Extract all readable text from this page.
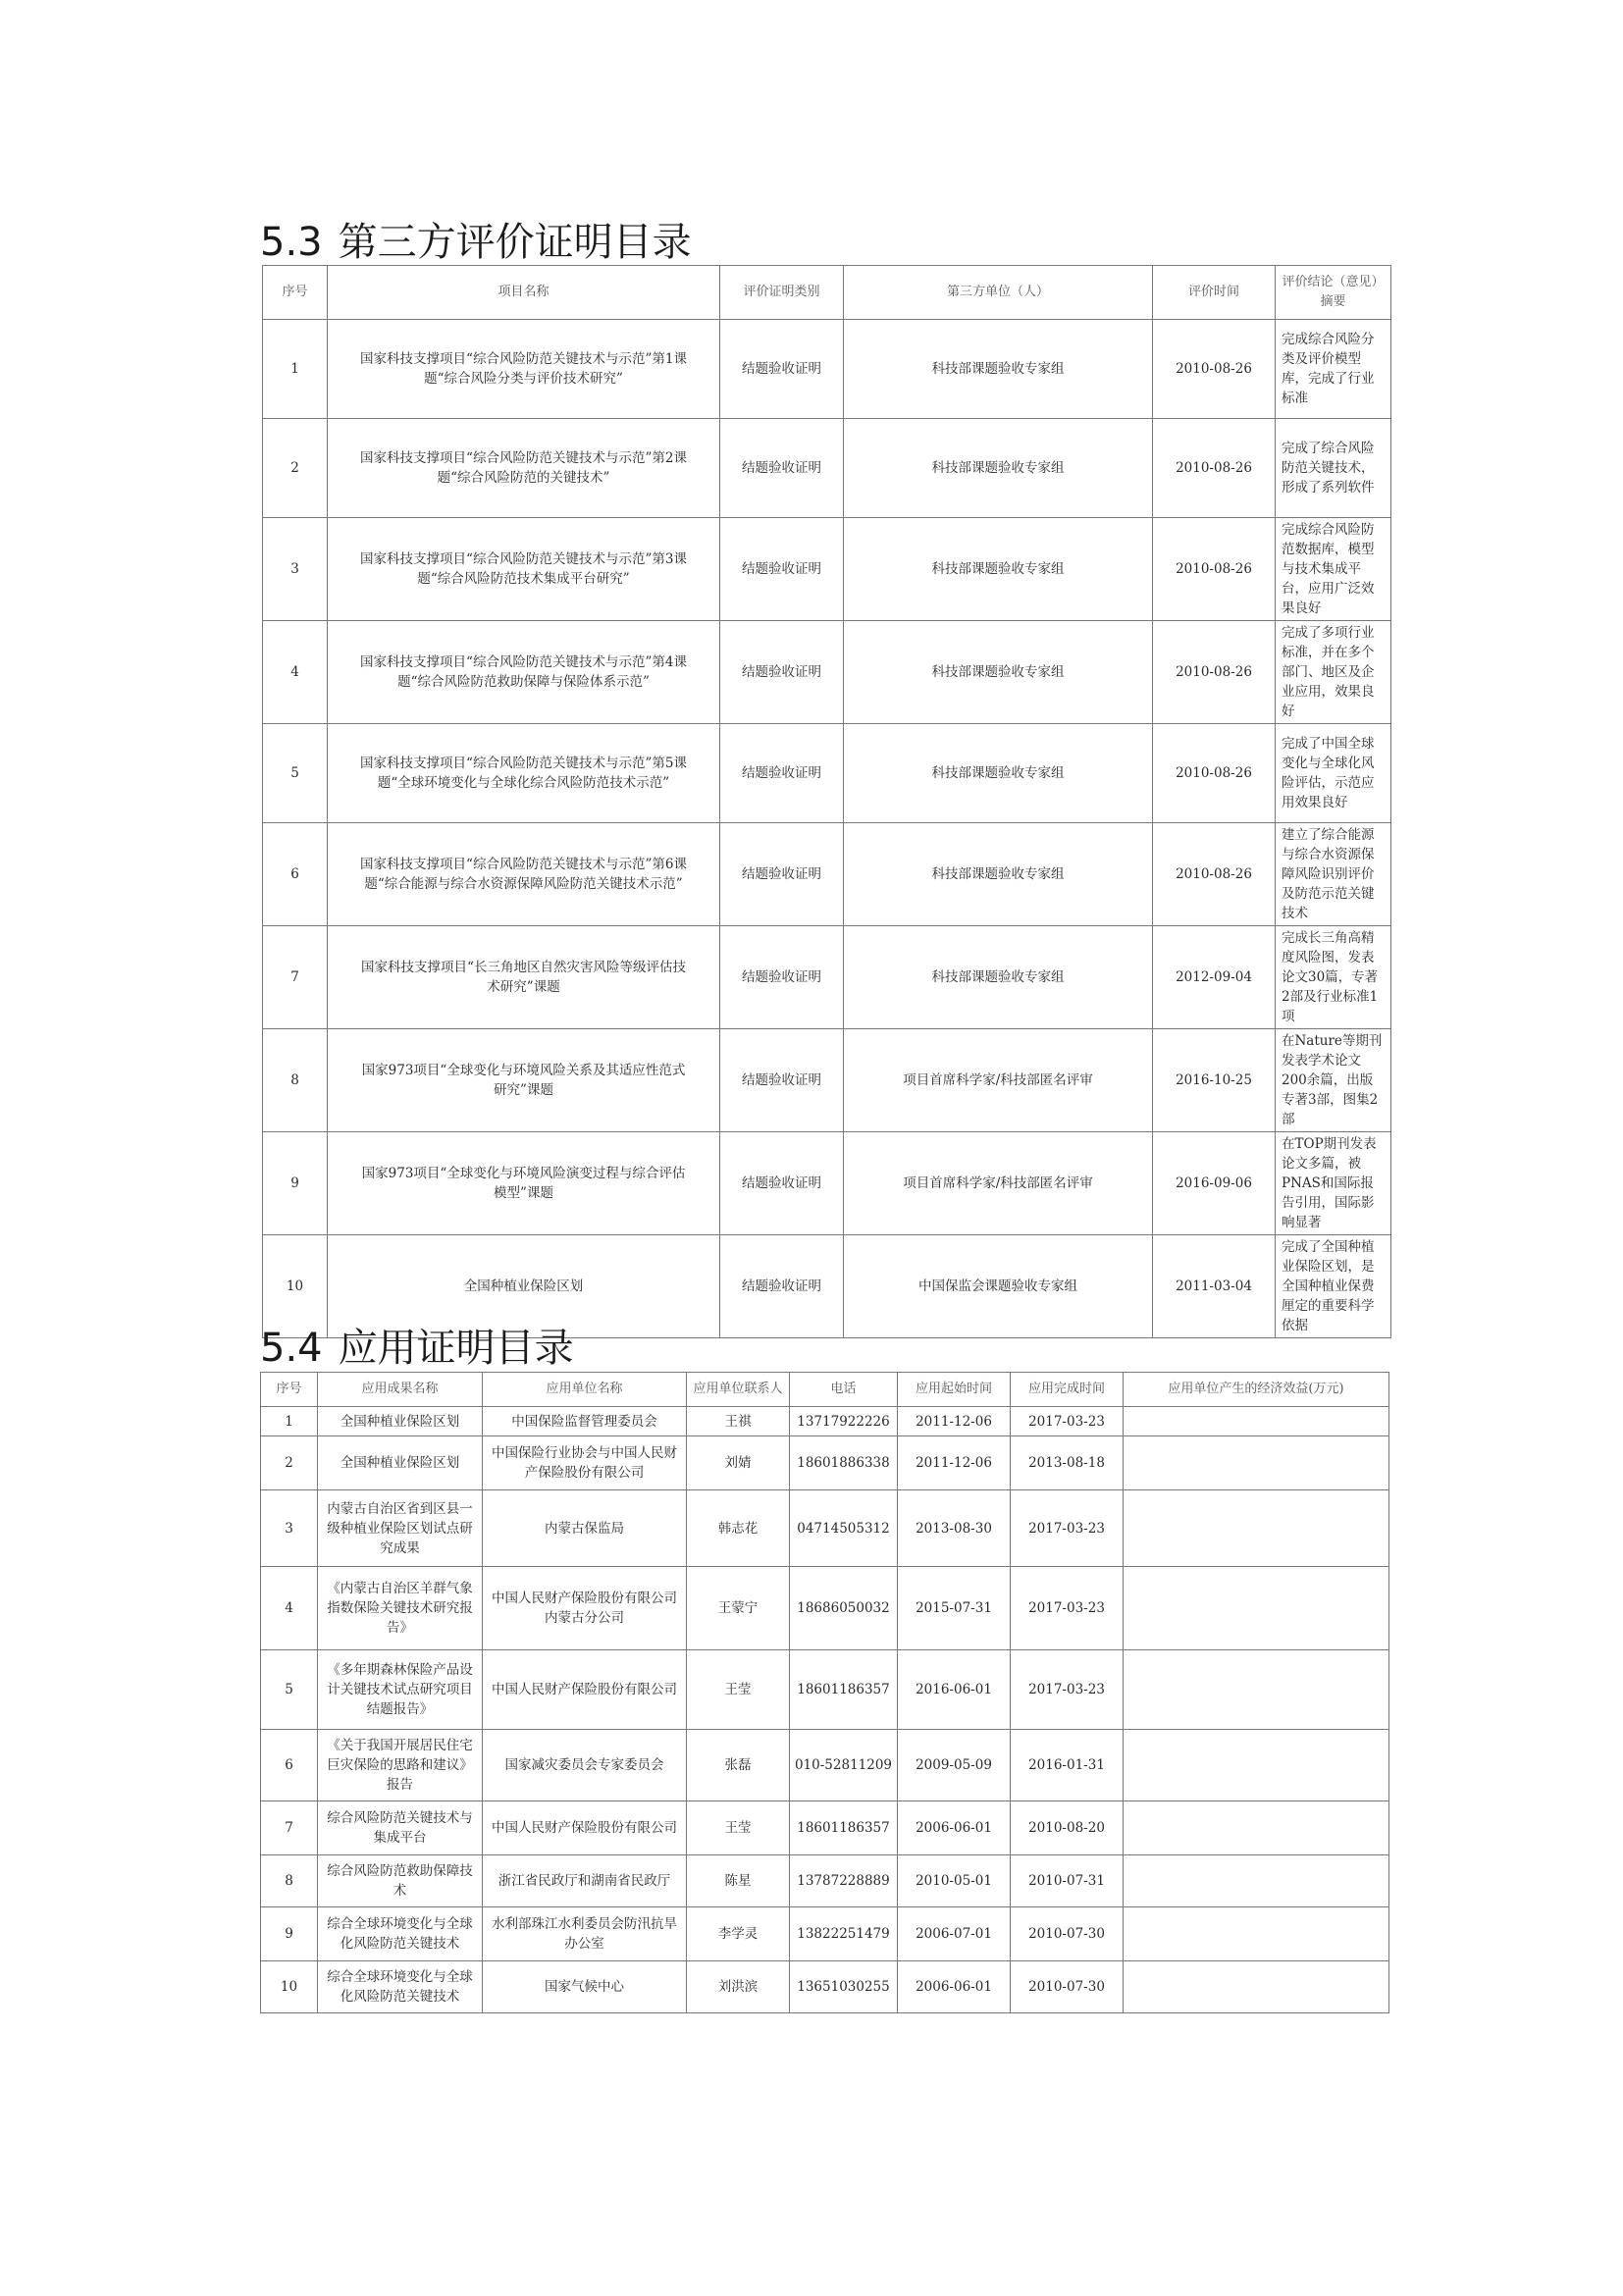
5.3 第三方评价证明目录
序号	项目名称	评价证明类别	第三方单位（人）	评价时间	评价结论（意见）摘要
1	国家科技支撑项目“综合风险防范关键技术与示范”第1课题“综合风险分类与评价技术研究”	结题验收证明	科技部课题验收专家组	2010-08-26	完成综合风险分类及评价模型库，完成了行业标准
2	国家科技支撑项目“综合风险防范关键技术与示范”第2课题“综合风险防范的关键技术”	结题验收证明	科技部课题验收专家组	2010-08-26	完成了综合风险防范关键技术，形成了系列软件
3	国家科技支撑项目“综合风险防范关键技术与示范”第3课题“综合风险防范技术集成平台研究”	结题验收证明	科技部课题验收专家组	2010-08-26	完成综合风险防范数据库，模型与技术集成平台，应用广泛效果良好
4	国家科技支撑项目“综合风险防范关键技术与示范”第4课题“综合风险防范救助保障与保险体系示范”	结题验收证明	科技部课题验收专家组	2010-08-26	完成了多项行业标准，并在多个部门、地区及企业应用，效果良好
5	国家科技支撑项目“综合风险防范关键技术与示范”第5课题“全球环境变化与全球化综合风险防范技术示范”	结题验收证明	科技部课题验收专家组	2010-08-26	完成了中国全球变化与全球化风险评估，示范应用效果良好
6	国家科技支撑项目“综合风险防范关键技术与示范”第6课题“综合能源与综合水资源保障风险防范关键技术示范”	结题验收证明	科技部课题验收专家组	2010-08-26	建立了综合能源与综合水资源保障风险识别评价及防范示范关键技术
7	国家科技支撑项目“长三角地区自然灾害风险等级评估技术研究”课题	结题验收证明	科技部课题验收专家组	2012-09-04	完成长三角高精度风险图，发表论文30篇，专著2部及行业标准1项
8	国家973项目“全球变化与环境风险关系及其适应性范式研究”课题	结题验收证明	项目首席科学家/科技部匿名评审	2016-10-25	在Nature等期刊发表学术论文200余篇，出版专著3部，图集2部
9	国家973项目“全球变化与环境风险演变过程与综合评估模型”课题	结题验收证明	项目首席科学家/科技部匿名评审	2016-09-06	在TOP期刊发表论文多篇，被PNAS和国际报告引用，国际影响显著
10	全国种植业保险区划	结题验收证明	中国保监会课题验收专家组	2011-03-04	完成了全国种植业保险区划，是全国种植业保费厘定的重要科学依据
5.4 应用证明目录
序号	应用成果名称	应用单位名称	应用单位联系人	电话	应用起始时间	应用完成时间	应用单位产生的经济效益(万元)
1	全国种植业保险区划	中国保险监督管理委员会	王祺	13717922226	2011-12-06	2017-03-23	
2	全国种植业保险区划	中国保险行业协会与中国人民财产保险股份有限公司	刘婧	18601886338	2011-12-06	2013-08-18	
3	内蒙古自治区省到区县一级种植业保险区划试点研究成果	内蒙古保监局	韩志花	04714505312	2013-08-30	2017-03-23	
4	《内蒙古自治区羊群气象指数保险关键技术研究报告》	中国人民财产保险股份有限公司内蒙古分公司	王蒙宁	18686050032	2015-07-31	2017-03-23	
5	《多年期森林保险产品设计关键技术试点研究项目结题报告》	中国人民财产保险股份有限公司	王莹	18601186357	2016-06-01	2017-03-23	
6	《关于我国开展居民住宅巨灾保险的思路和建议》报告	国家减灾委员会专家委员会	张磊	010-52811209	2009-05-09	2016-01-31	
7	综合风险防范关键技术与集成平台	中国人民财产保险股份有限公司	王莹	18601186357	2006-06-01	2010-08-20	
8	综合风险防范救助保障技术	浙江省民政厅和湖南省民政厅	陈星	13787228889	2010-05-01	2010-07-31	
9	综合全球环境变化与全球化风险防范关键技术	水利部珠江水利委员会防汛抗旱办公室	李学灵	13822251479	2006-07-01	2010-07-30	
10	综合全球环境变化与全球化风险防范关键技术	国家气候中心	刘洪滨	13651030255	2006-06-01	2010-07-30	
